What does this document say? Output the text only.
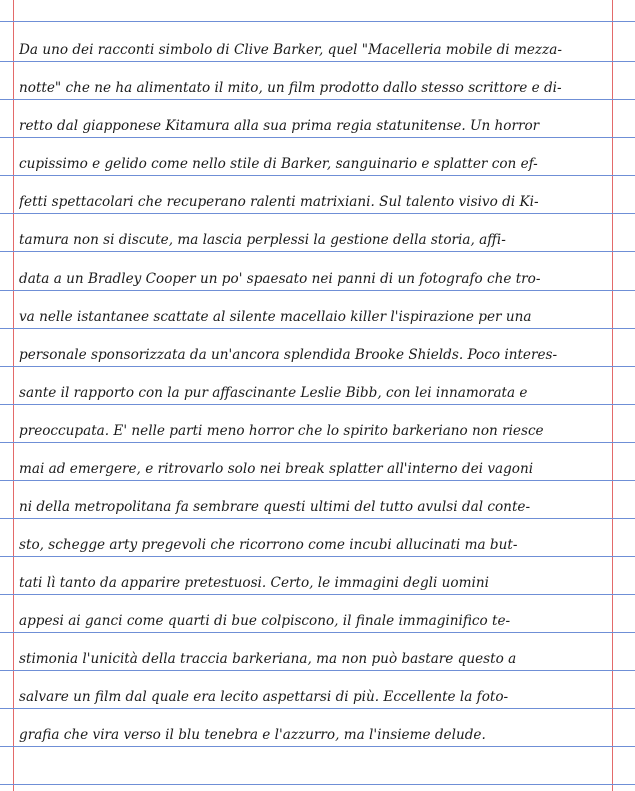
Da uno dei racconti simbolo di Clive Barker, quel "Macelleria mobile di mezza-
notte" che ne ha alimentato il mito, un film prodotto dallo stesso scrittore e di-
retto dal giapponese Kitamura alla sua prima regia statunitense. Un horror
cupissimo e gelido come nello stile di Barker, sanguinario e splatter con ef-
fetti spettacolari che recuperano ralenti matrixiani. Sul talento visivo di Ki-
tamura non si discute, ma lascia perplessi la gestione della storia, affi-
data a un Bradley Cooper un po' spaesato nei panni di un fotografo che tro-
va nelle istantanee scattate al silente macellaio killer l'ispirazione per una
personale sponsorizzata da un'ancora splendida Brooke Shields. Poco interes-
sante il rapporto con la pur affascinante Leslie Bibb, con lei innamorata e
preoccupata. E' nelle parti meno horror che lo spirito barkeriano non riesce
mai ad emergere, e ritrovarlo solo nei break splatter all'interno dei vagoni
ni della metropolitana fa sembrare questi ultimi del tutto avulsi dal conte-
sto, schegge arty pregevoli che ricorrono come incubi allucinati ma but-
tati lì tanto da apparire pretestuosi. Certo, le immagini degli uomini
appesi ai ganci come quarti di bue colpiscono, il finale immaginifico te-
stimonia l'unicità della traccia barkeriana, ma non può bastare questo a
salvare un film dal quale era lecito aspettarsi di più. Eccellente la foto-
grafia che vira verso il blu tenebra e l'azzurro, ma l'insieme delude.
